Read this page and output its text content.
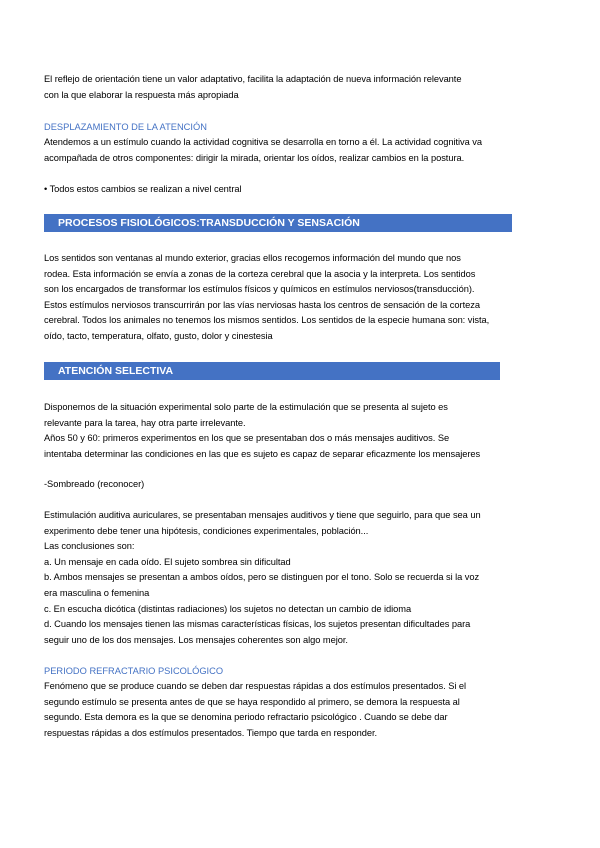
El reflejo de orientación tiene un valor adaptativo, facilita la adaptación de nueva información relevante
con la que elaborar la respuesta más apropiada
DESPLAZAMIENTO DE LA ATENCIÓN
Atendemos a un estímulo cuando la actividad cognitiva se desarrolla en torno a él. La actividad cognitiva va
acompañada de otros componentes: dirigir la mirada, orientar los oídos, realizar cambios en la postura.
• Todos estos cambios se realizan a nivel central
PROCESOS FISIOLÓGICOS:TRANSDUCCIÓN Y SENSACIÓN
Los sentidos son ventanas al mundo exterior, gracias ellos recogemos información del mundo que nos
rodea. Esta información se envía a zonas de la corteza cerebral que la asocia y la interpreta. Los sentidos
son los encargados de transformar los estímulos físicos y químicos en estímulos nerviosos(transducción).
Estos estímulos nerviosos transcurrirán por las vías nerviosas hasta los centros de sensación de la corteza
cerebral. Todos los animales no tenemos los mismos sentidos. Los sentidos de la especie humana son: vista,
oído, tacto, temperatura, olfato, gusto, dolor y cinestesia
ATENCIÓN SELECTIVA
Disponemos de la situación experimental solo parte de la estimulación que se presenta al sujeto es
relevante para la tarea, hay otra parte irrelevante.
Años 50 y 60: primeros experimentos en los que se presentaban dos o más mensajes auditivos. Se
intentaba determinar las condiciones en las que es sujeto es capaz de separar eficazmente los mensajeres
-Sombreado (reconocer)
Estimulación auditiva auriculares, se presentaban mensajes auditivos y tiene que seguirlo, para que sea un
experimento debe tener una hipótesis, condiciones experimentales, población...
Las conclusiones son:
a. Un mensaje en cada oído. El sujeto sombrea sin dificultad
b. Ambos mensajes se presentan a ambos oídos, pero se distinguen por el tono. Solo se recuerda si la voz
era masculina o femenina
c. En escucha dicótica (distintas radiaciones) los sujetos no detectan un cambio de idioma
d. Cuando los mensajes tienen las mismas características físicas, los sujetos presentan dificultades para
seguir uno de los dos mensajes. Los mensajes coherentes son algo mejor.
PERIODO REFRACTARIO PSICOLÓGICO
Fenómeno que se produce cuando se deben dar respuestas rápidas a dos estímulos presentados. Si el
segundo estímulo se presenta antes de que se haya respondido al primero, se demora la respuesta al
segundo. Esta demora es la que se denomina periodo refractario psicológico . Cuando se debe dar
respuestas rápidas a dos estímulos presentados. Tiempo que tarda en responder.
